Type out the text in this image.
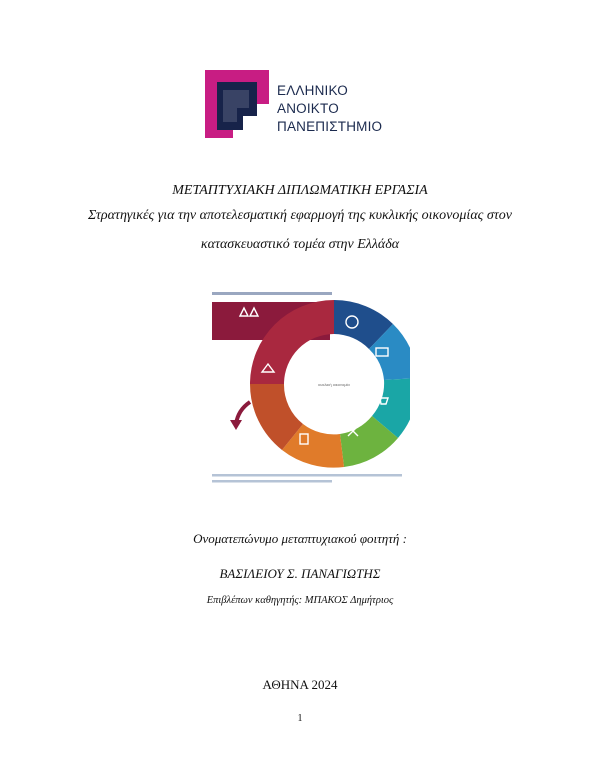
ΕΛΛΗΝΙΚΟ
ΑΝΟΙΚΤΟ
ΠΑΝΕΠΙΣΤΗΜΙΟ
ΜΕΤΑΠΤΥΧΙΑΚΗ ΔΙΠΛΩΜΑΤΙΚΗ ΕΡΓΑΣΙΑ
Στρατηγικές για την αποτελεσματική εφαρμογή της κυκλικής οικονομίας στον
κατασκευαστικό τομέα στην Ελλάδα
κυκλική οικονομία
Ονοματεπώνυμο μεταπτυχιακού φοιτητή :
ΒΑΣΙΛΕΙΟΥ Σ. ΠΑΝΑΓΙΩΤΗΣ
Επιβλέπων καθηγητής: ΜΠΑΚΟΣ Δημήτριος
ΑΘΗΝΑ 2024
1
